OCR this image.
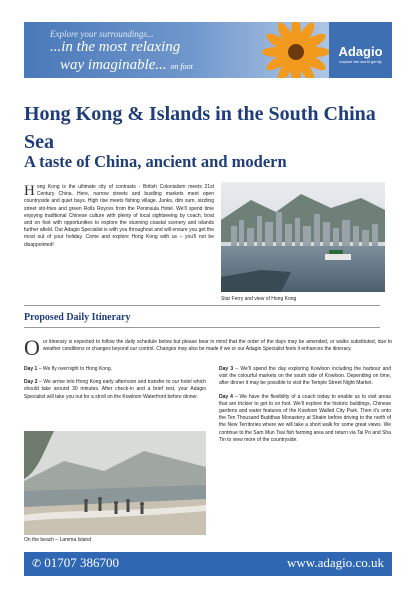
Explore your surroundings...
...in the most relaxing
way imaginable... on foot
Adagio
explore the world gently
Hong Kong & Islands in the South China Sea
A taste of China, ancient and modern
Hong Kong is the ultimate city of contrasts - British Colonialism meets 21st Century China. Here, narrow streets and bustling markets meet open countryside and quiet bays. High rise meets fishing village. Junks, dim sum, sizzling street stir-fries and green Rolls Royces from the Peninsula Hotel. We'll spend time enjoying traditional Chinese culture with plenty of local sightseeing by coach, boat and on foot with opportunities to explore the stunning coastal scenery and islands further afield. Our Adagio Specialist is with you throughout and will ensure you get the most out of your holiday. Come and explore Hong Kong with us – you'll not be disappointed!
Star Ferry and view of Hong Kong
Proposed Daily Itinerary
Our itinerary is expected to follow the daily schedule below but please bear in mind that the order of the days may be amended, or walks substituted, due to weather conditions or changes beyond our control. Changes may also be made if we or our Adagio Specialist feels it enhances the itinerary.

Day 1 – We fly overnight to Hong Kong.

Day 2 – We arrive into Hong Kong early afternoon and transfer to our hotel which should take around 30 minutes. After check-in and a brief rest, your Adagio Specialist will take you out for a stroll on the Kowloon Waterfront before dinner.

Day 3 – We'll spend the day exploring Kowloon including the harbour and visit the colourful markets on the south side of Kowloon. Depending on time, after dinner it may be possible to visit the Temple Street Night Market.

Day 4 – We have the flexibility of a coach today to enable us to visit areas that are trickier to get to on foot. We'll explore the historic buildings, Chinese gardens and water features of the Kowloon Walled City Park. Then it's onto the Ten Thousand Buddhas Monastery at Shatin before driving to the north of the New Territories where we will take a short walk for some great views. We continue to the Sam Mun Tsai fish farming area and return via Tai Po and Sha Tin to view more of the countryside.

On the beach – Lamma Island
✆ 01707 386700	www.adagio.co.uk
